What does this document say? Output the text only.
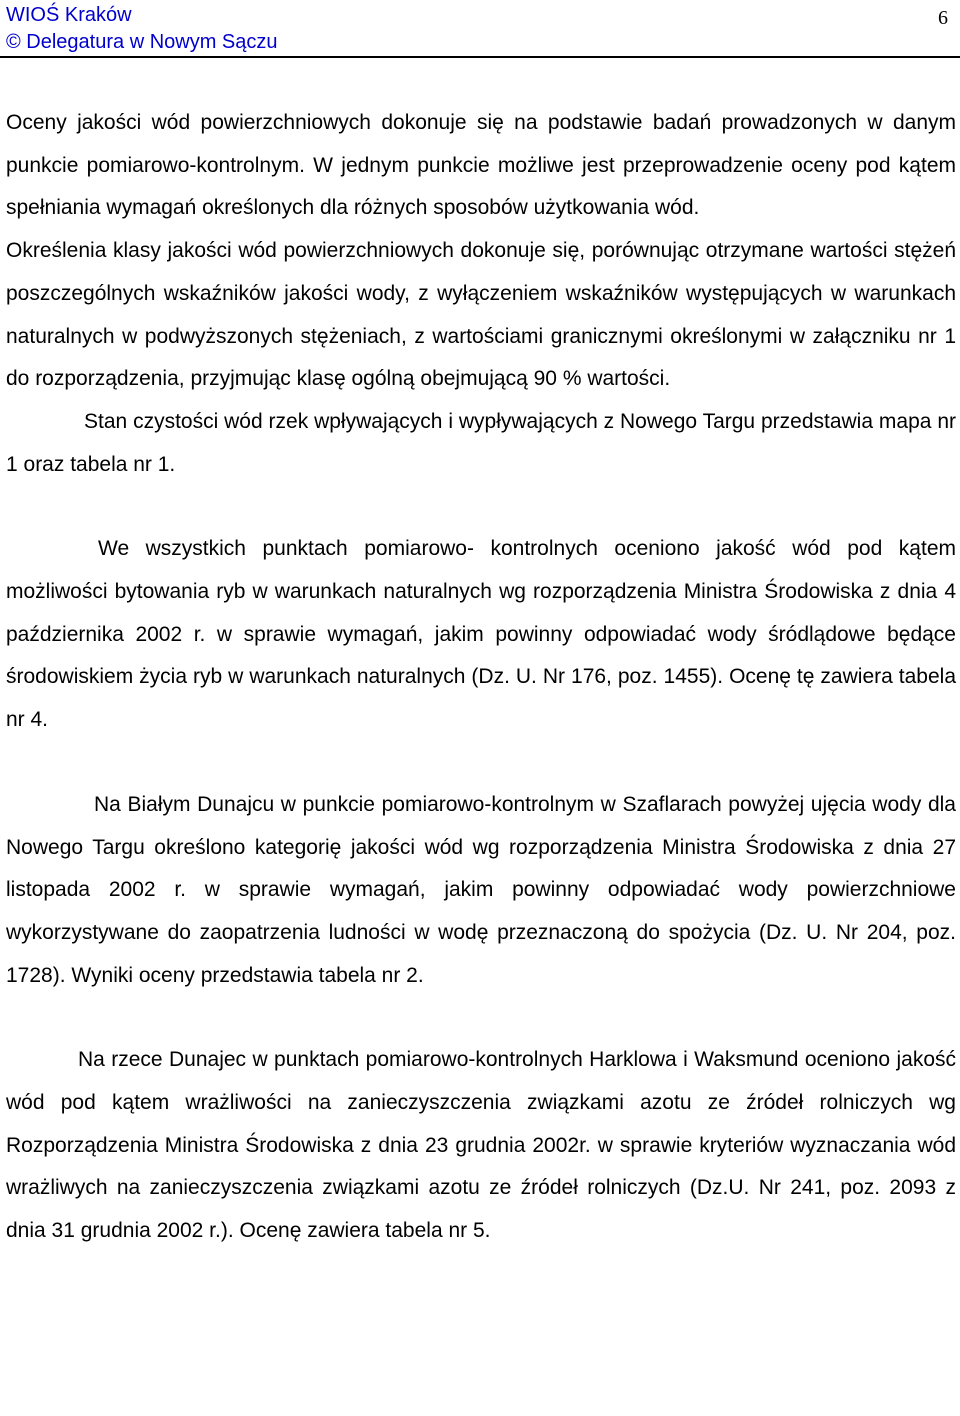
WIOŚ Kraków
© Delegatura w Nowym Sączu
6

Oceny jakości wód powierzchniowych dokonuje się na podstawie badań prowadzonych w danym punkcie pomiarowo-kontrolnym. W jednym punkcie możliwe jest przeprowadzenie oceny pod kątem spełniania wymagań określonych dla różnych sposobów użytkowania wód.

Określenia klasy jakości wód powierzchniowych dokonuje się, porównując otrzymane wartości stężeń poszczególnych wskaźników jakości wody, z wyłączeniem wskaźników występujących w warunkach naturalnych w podwyższonych stężeniach, z wartościami granicznymi określonymi w załączniku nr 1 do rozporządzenia, przyjmując klasę ogólną obejmującą 90 % wartości.

Stan czystości wód rzek wpływających i wypływających z Nowego Targu przedstawia mapa nr 1 oraz tabela nr 1.

We wszystkich punktach pomiarowo- kontrolnych oceniono jakość wód pod kątem możliwości bytowania ryb w warunkach naturalnych wg rozporządzenia Ministra Środowiska z dnia 4 października 2002 r. w sprawie wymagań, jakim powinny odpowiadać wody śródlądowe będące środowiskiem życia ryb w warunkach naturalnych (Dz. U. Nr 176, poz. 1455). Ocenę tę zawiera tabela nr 4.

Na Białym Dunajcu w punkcie pomiarowo-kontrolnym w Szaflarach powyżej ujęcia wody dla Nowego Targu określono kategorię jakości wód wg rozporządzenia Ministra Środowiska z dnia 27 listopada 2002 r. w sprawie wymagań, jakim powinny odpowiadać wody powierzchniowe wykorzystywane do zaopatrzenia ludności w wodę przeznaczoną do spożycia (Dz. U. Nr 204, poz. 1728). Wyniki oceny przedstawia tabela nr 2.

Na rzece Dunajec w punktach pomiarowo-kontrolnych Harklowa i Waksmund oceniono jakość wód pod kątem wrażliwości na zanieczyszczenia związkami azotu ze źródeł rolniczych wg Rozporządzenia Ministra Środowiska z dnia 23 grudnia 2002r. w sprawie kryteriów wyznaczania wód wrażliwych na zanieczyszczenia związkami azotu ze źródeł rolniczych (Dz.U. Nr 241, poz. 2093 z dnia 31 grudnia 2002 r.). Ocenę zawiera tabela nr 5.
